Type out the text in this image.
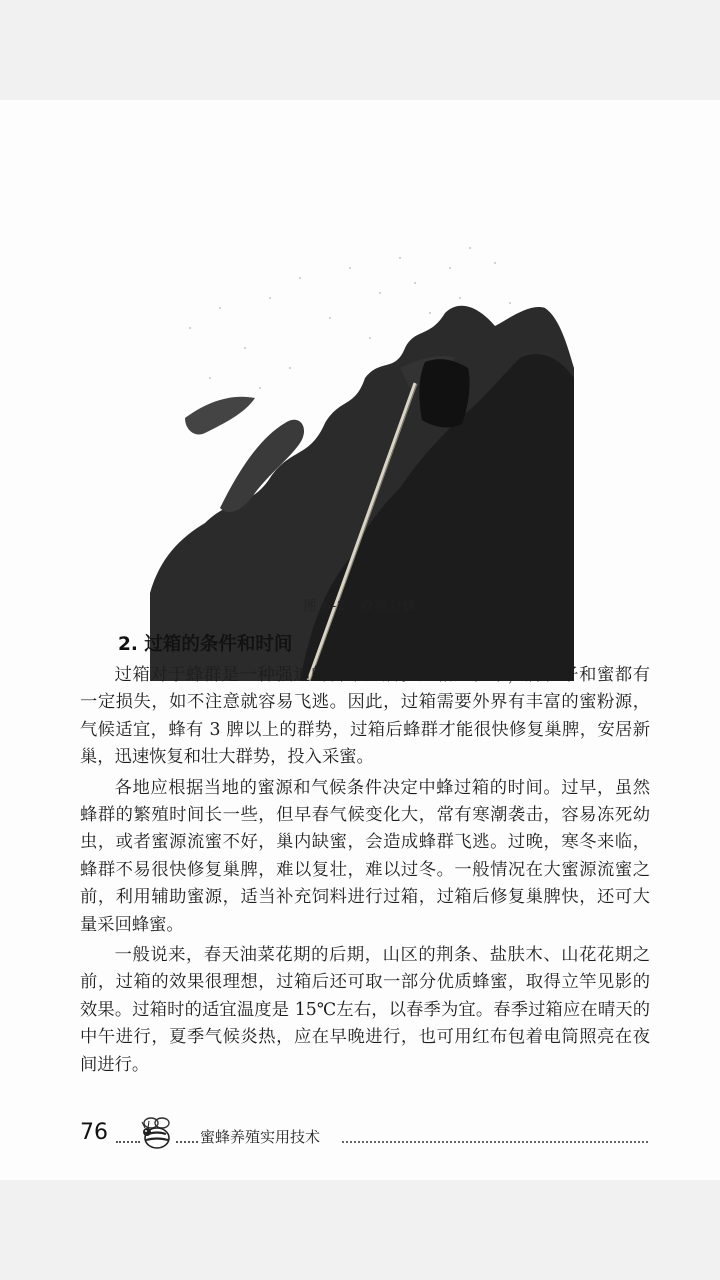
图 6-2　收捕分蜂
2. 过箱的条件和时间

过箱对于蜂群是一种强迫的拆巢迁居。过箱过程中，脾、子和蜜都有一定损失，如不注意就容易飞逃。因此，过箱需要外界有丰富的蜜粉源，气候适宜，蜂有 3 脾以上的群势，过箱后蜂群才能很快修复巢脾，安居新巢，迅速恢复和壮大群势，投入采蜜。

各地应根据当地的蜜源和气候条件决定中蜂过箱的时间。过早，虽然蜂群的繁殖时间长一些，但早春气候变化大，常有寒潮袭击，容易冻死幼虫，或者蜜源流蜜不好，巢内缺蜜，会造成蜂群飞逃。过晚，寒冬来临，蜂群不易很快修复巢脾，难以复壮，难以过冬。一般情况在大蜜源流蜜之前，利用辅助蜜源，适当补充饲料进行过箱，过箱后修复巢脾快，还可大量采回蜂蜜。

一般说来，春天油菜花期的后期，山区的荆条、盐肤木、山花花期之前，过箱的效果很理想，过箱后还可取一部分优质蜂蜜，取得立竿见影的效果。过箱时的适宜温度是 15℃左右，以春季为宜。春季过箱应在晴天的中午进行，夏季气候炎热，应在早晚进行，也可用红布包着电筒照亮在夜间进行。

76	蜜蜂养殖实用技术
